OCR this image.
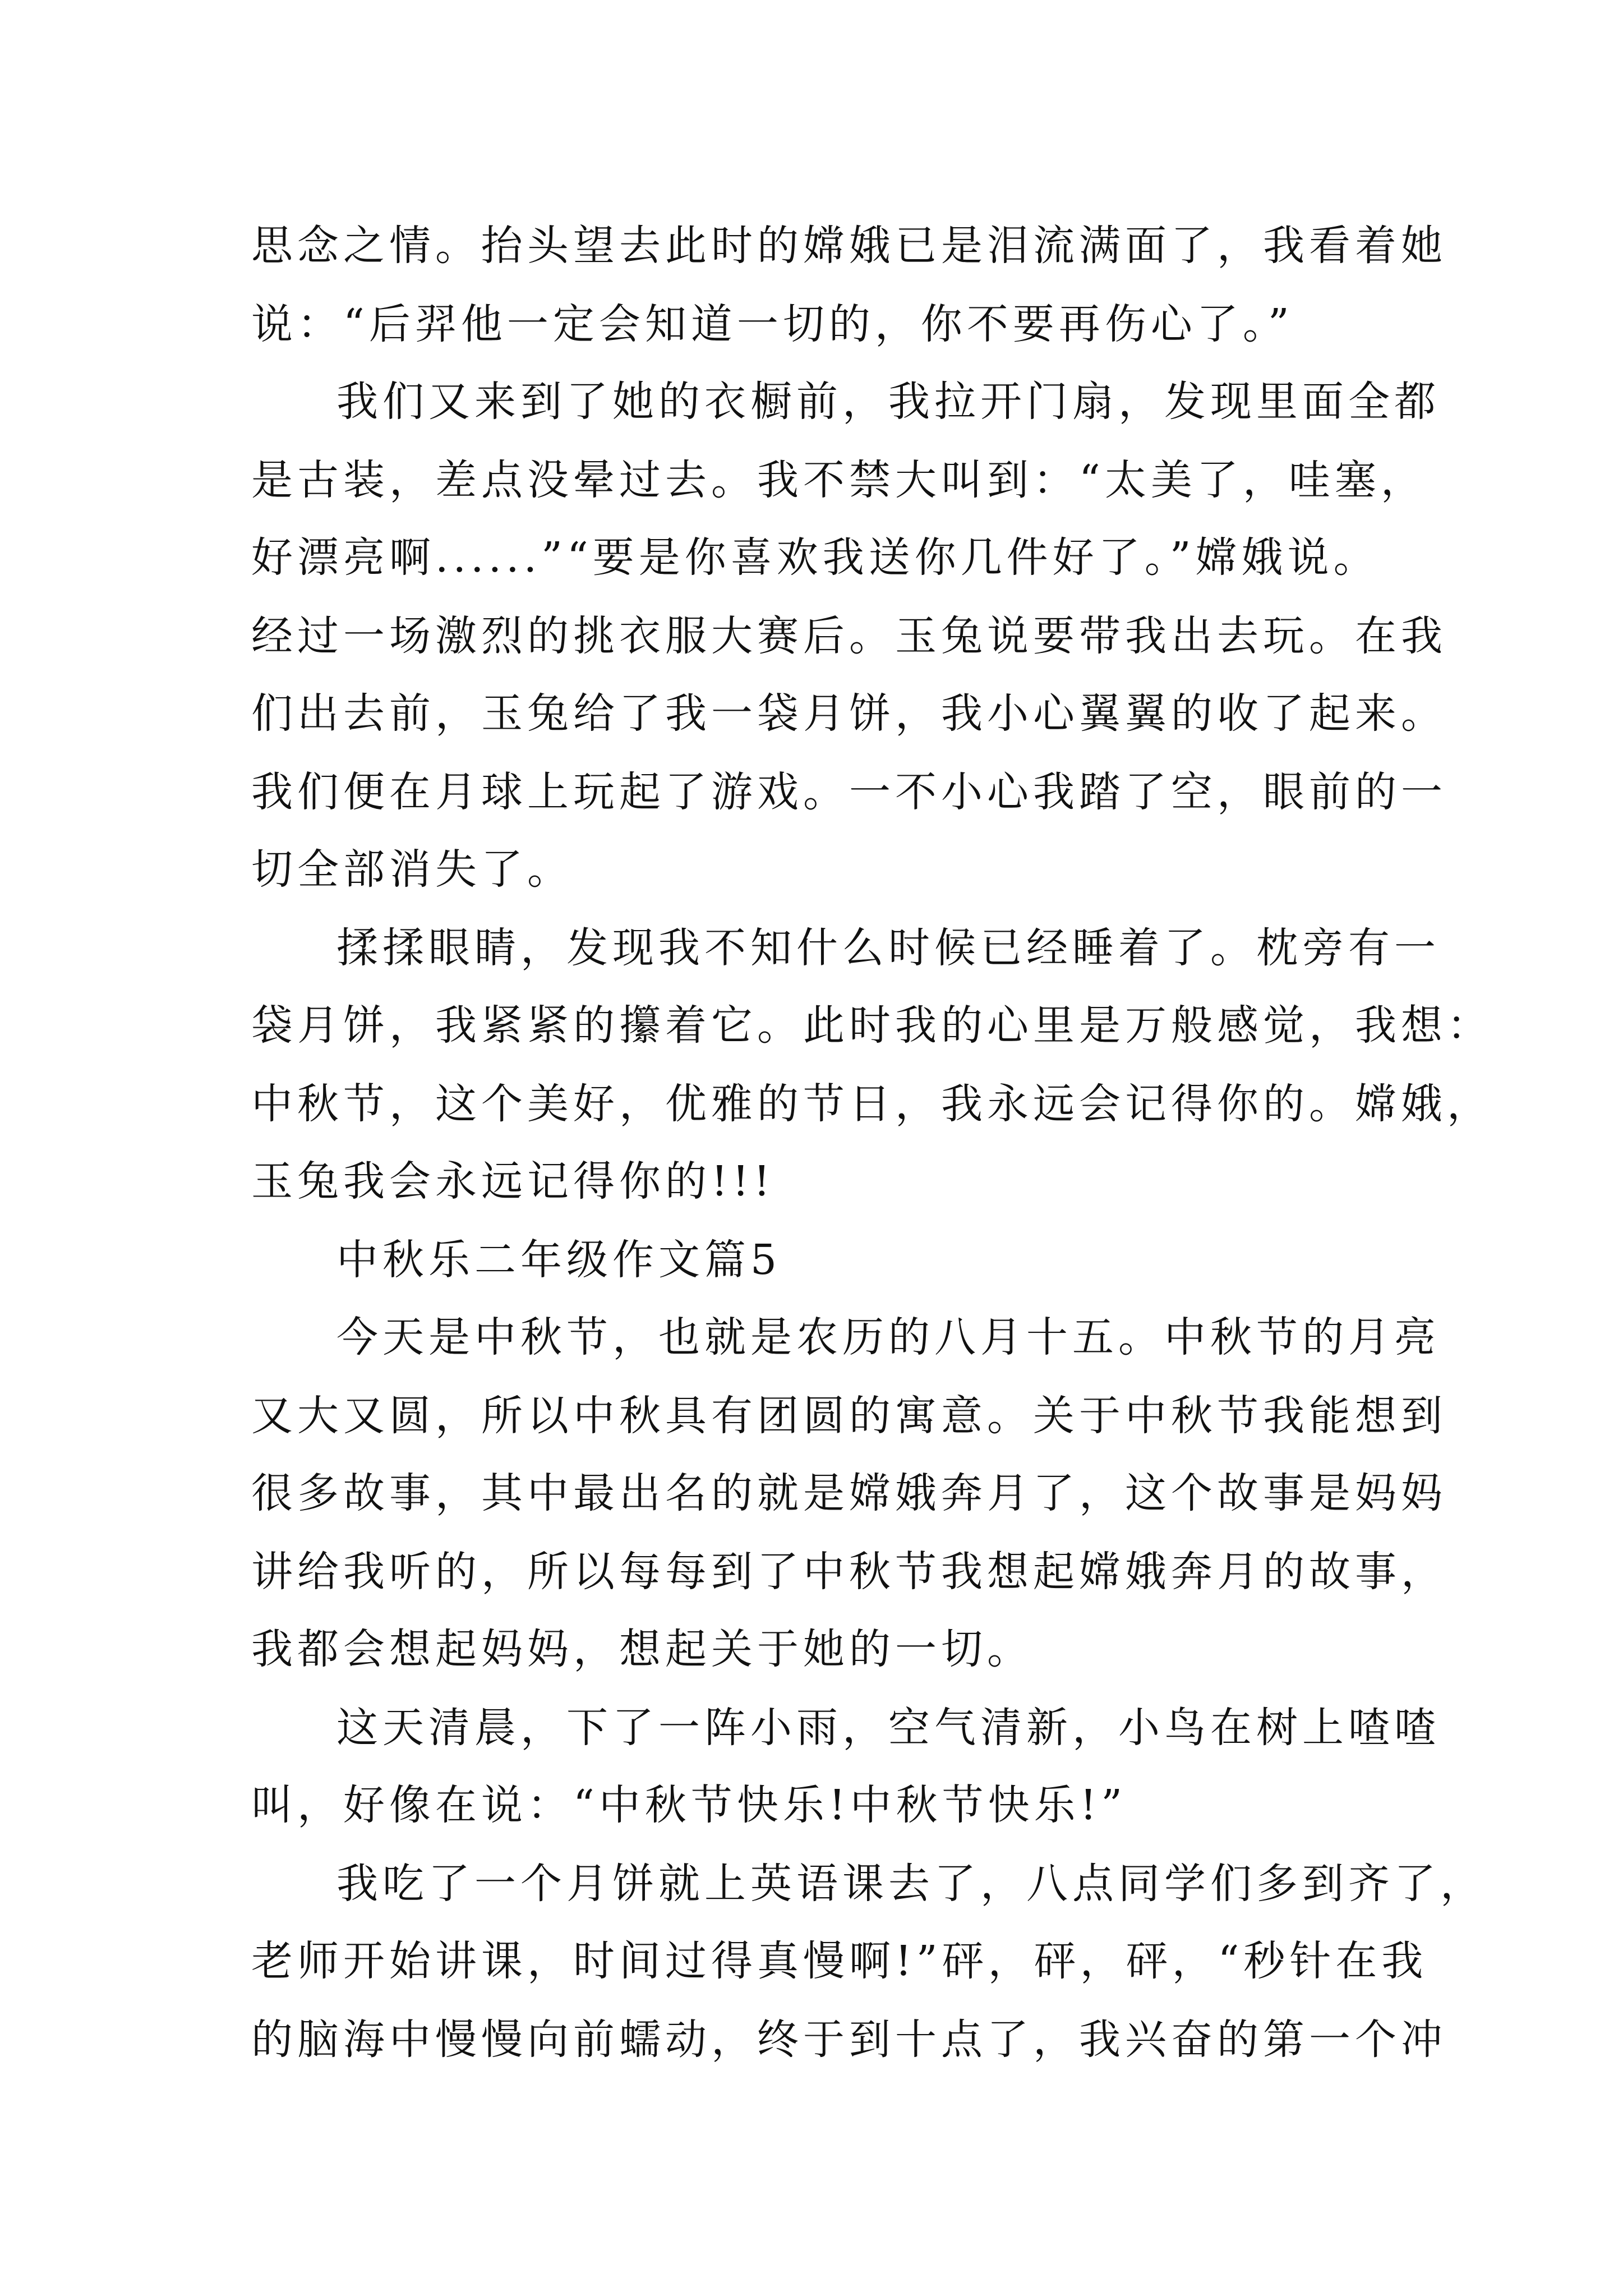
思念之情。抬头望去此时的嫦娥已是泪流满面了，我看着她
说：“后羿他一定会知道一切的，你不要再伤心了。”
我们又来到了她的衣橱前，我拉开门扇，发现里面全都
是古装，差点没晕过去。我不禁大叫到：“太美了，哇塞，
好漂亮啊......”“要是你喜欢我送你几件好了。”嫦娥说。
经过一场激烈的挑衣服大赛后。玉兔说要带我出去玩。在我
们出去前，玉兔给了我一袋月饼，我小心翼翼的收了起来。
我们便在月球上玩起了游戏。一不小心我踏了空，眼前的一
切全部消失了。
揉揉眼睛，发现我不知什么时候已经睡着了。枕旁有一
袋月饼，我紧紧的攥着它。此时我的心里是万般感觉，我想：
中秋节，这个美好，优雅的节日，我永远会记得你的。嫦娥，
玉兔我会永远记得你的!!!
中秋乐二年级作文篇5
今天是中秋节，也就是农历的八月十五。中秋节的月亮
又大又圆，所以中秋具有团圆的寓意。关于中秋节我能想到
很多故事，其中最出名的就是嫦娥奔月了，这个故事是妈妈
讲给我听的，所以每每到了中秋节我想起嫦娥奔月的故事，
我都会想起妈妈，想起关于她的一切。
这天清晨，下了一阵小雨，空气清新，小鸟在树上喳喳
叫，好像在说：“中秋节快乐!中秋节快乐!”
我吃了一个月饼就上英语课去了，八点同学们多到齐了，
老师开始讲课，时间过得真慢啊!”砰，砰，砰，“秒针在我
的脑海中慢慢向前蠕动，终于到十点了，我兴奋的第一个冲
